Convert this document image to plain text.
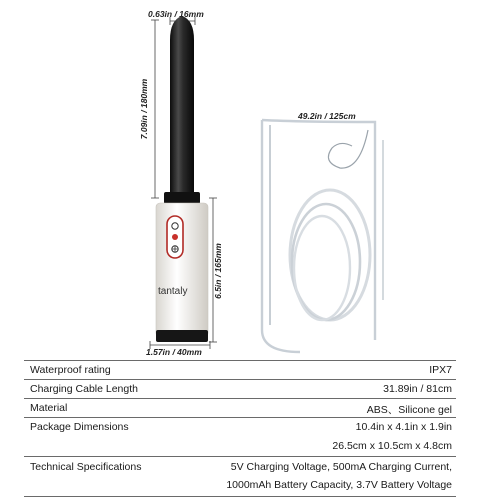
0.63in / 16mm
7.09in / 180mm
6.5in / 165mm
1.57in / 40mm
49.2in / 125cm
tantaly
Waterproof rating	IPX7
Charging Cable Length	31.89in / 81cm
Material	ABS、Silicone gel
Package Dimensions	10.4in x 4.1in x 1.9in
26.5cm x 10.5cm x 4.8cm
Technical Specifications	5V Charging Voltage, 500mA Charging Current,
1000mAh Battery Capacity, 3.7V Battery Voltage
